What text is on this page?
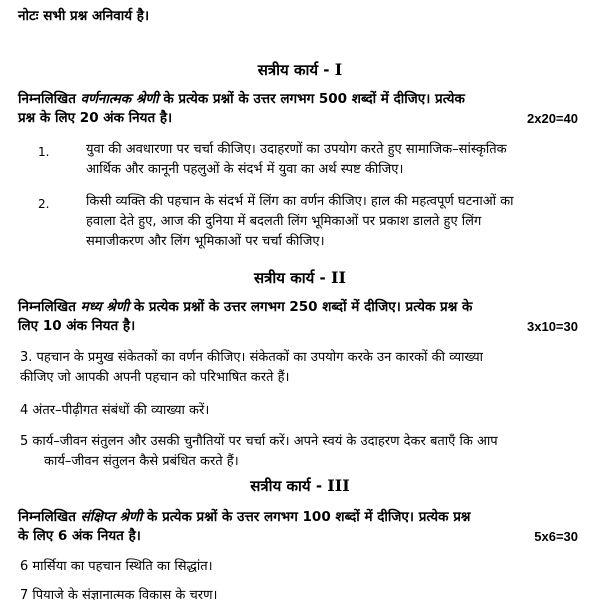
नोटः सभी प्रश्न अनिवार्य है।
सत्रीय कार्य - I
निम्नलिखित वर्णनात्मक श्रेणी के प्रत्येक प्रश्नों के उत्तर लगभग 500 शब्दों में दीजिए। प्रत्येक
प्रश्न के लिए 20 अंक नियत है।	2x20=40
1.	युवा की अवधारणा पर चर्चा कीजिए। उदाहरणों का उपयोग करते हुए सामाजिक–सांस्कृतिक
आर्थिक और कानूनी पहलुओं के संदर्भ में युवा का अर्थ स्पष्ट कीजिए।
2.	किसी व्यक्ति की पहचान के संदर्भ में लिंग का वर्णन कीजिए। हाल की महत्वपूर्ण घटनाओं का
हवाला देते हुए, आज की दुनिया में बदलती लिंग भूमिकाओं पर प्रकाश डालते हुए लिंग
समाजीकरण और लिंग भूमिकाओं पर चर्चा कीजिए।
सत्रीय कार्य - II
निम्नलिखित मध्य श्रेणी के प्रत्येक प्रश्नों के उत्तर लगभग 250 शब्दों में दीजिए। प्रत्येक प्रश्न के
लिए 10 अंक नियत है।	3x10=30
3. पहचान के प्रमुख संकेतकों का वर्णन कीजिए। संकेतकों का उपयोग करके उन कारकों की व्याख्या
कीजिए जो आपकी अपनी पहचान को परिभाषित करते हैं।
4 अंतर–पीढ़ीगत संबंधों की व्याख्या करें।
5 कार्य–जीवन संतुलन और उसकी चुनौतियों पर चर्चा करें। अपने स्वयं के उदाहरण देकर बताएँ कि आप
कार्य–जीवन संतुलन कैसे प्रबंधित करते हैं।
सत्रीय कार्य - III
निम्नलिखित संक्षिप्त श्रेणी के प्रत्येक प्रश्नों के उत्तर लगभग 100 शब्दों में दीजिए। प्रत्येक प्रश्न
के लिए 6 अंक नियत है।	5x6=30
6 मार्सिया का पहचान स्थिति का सिद्धांत।
7 पियाजे के संज्ञानात्मक विकास के चरण।
